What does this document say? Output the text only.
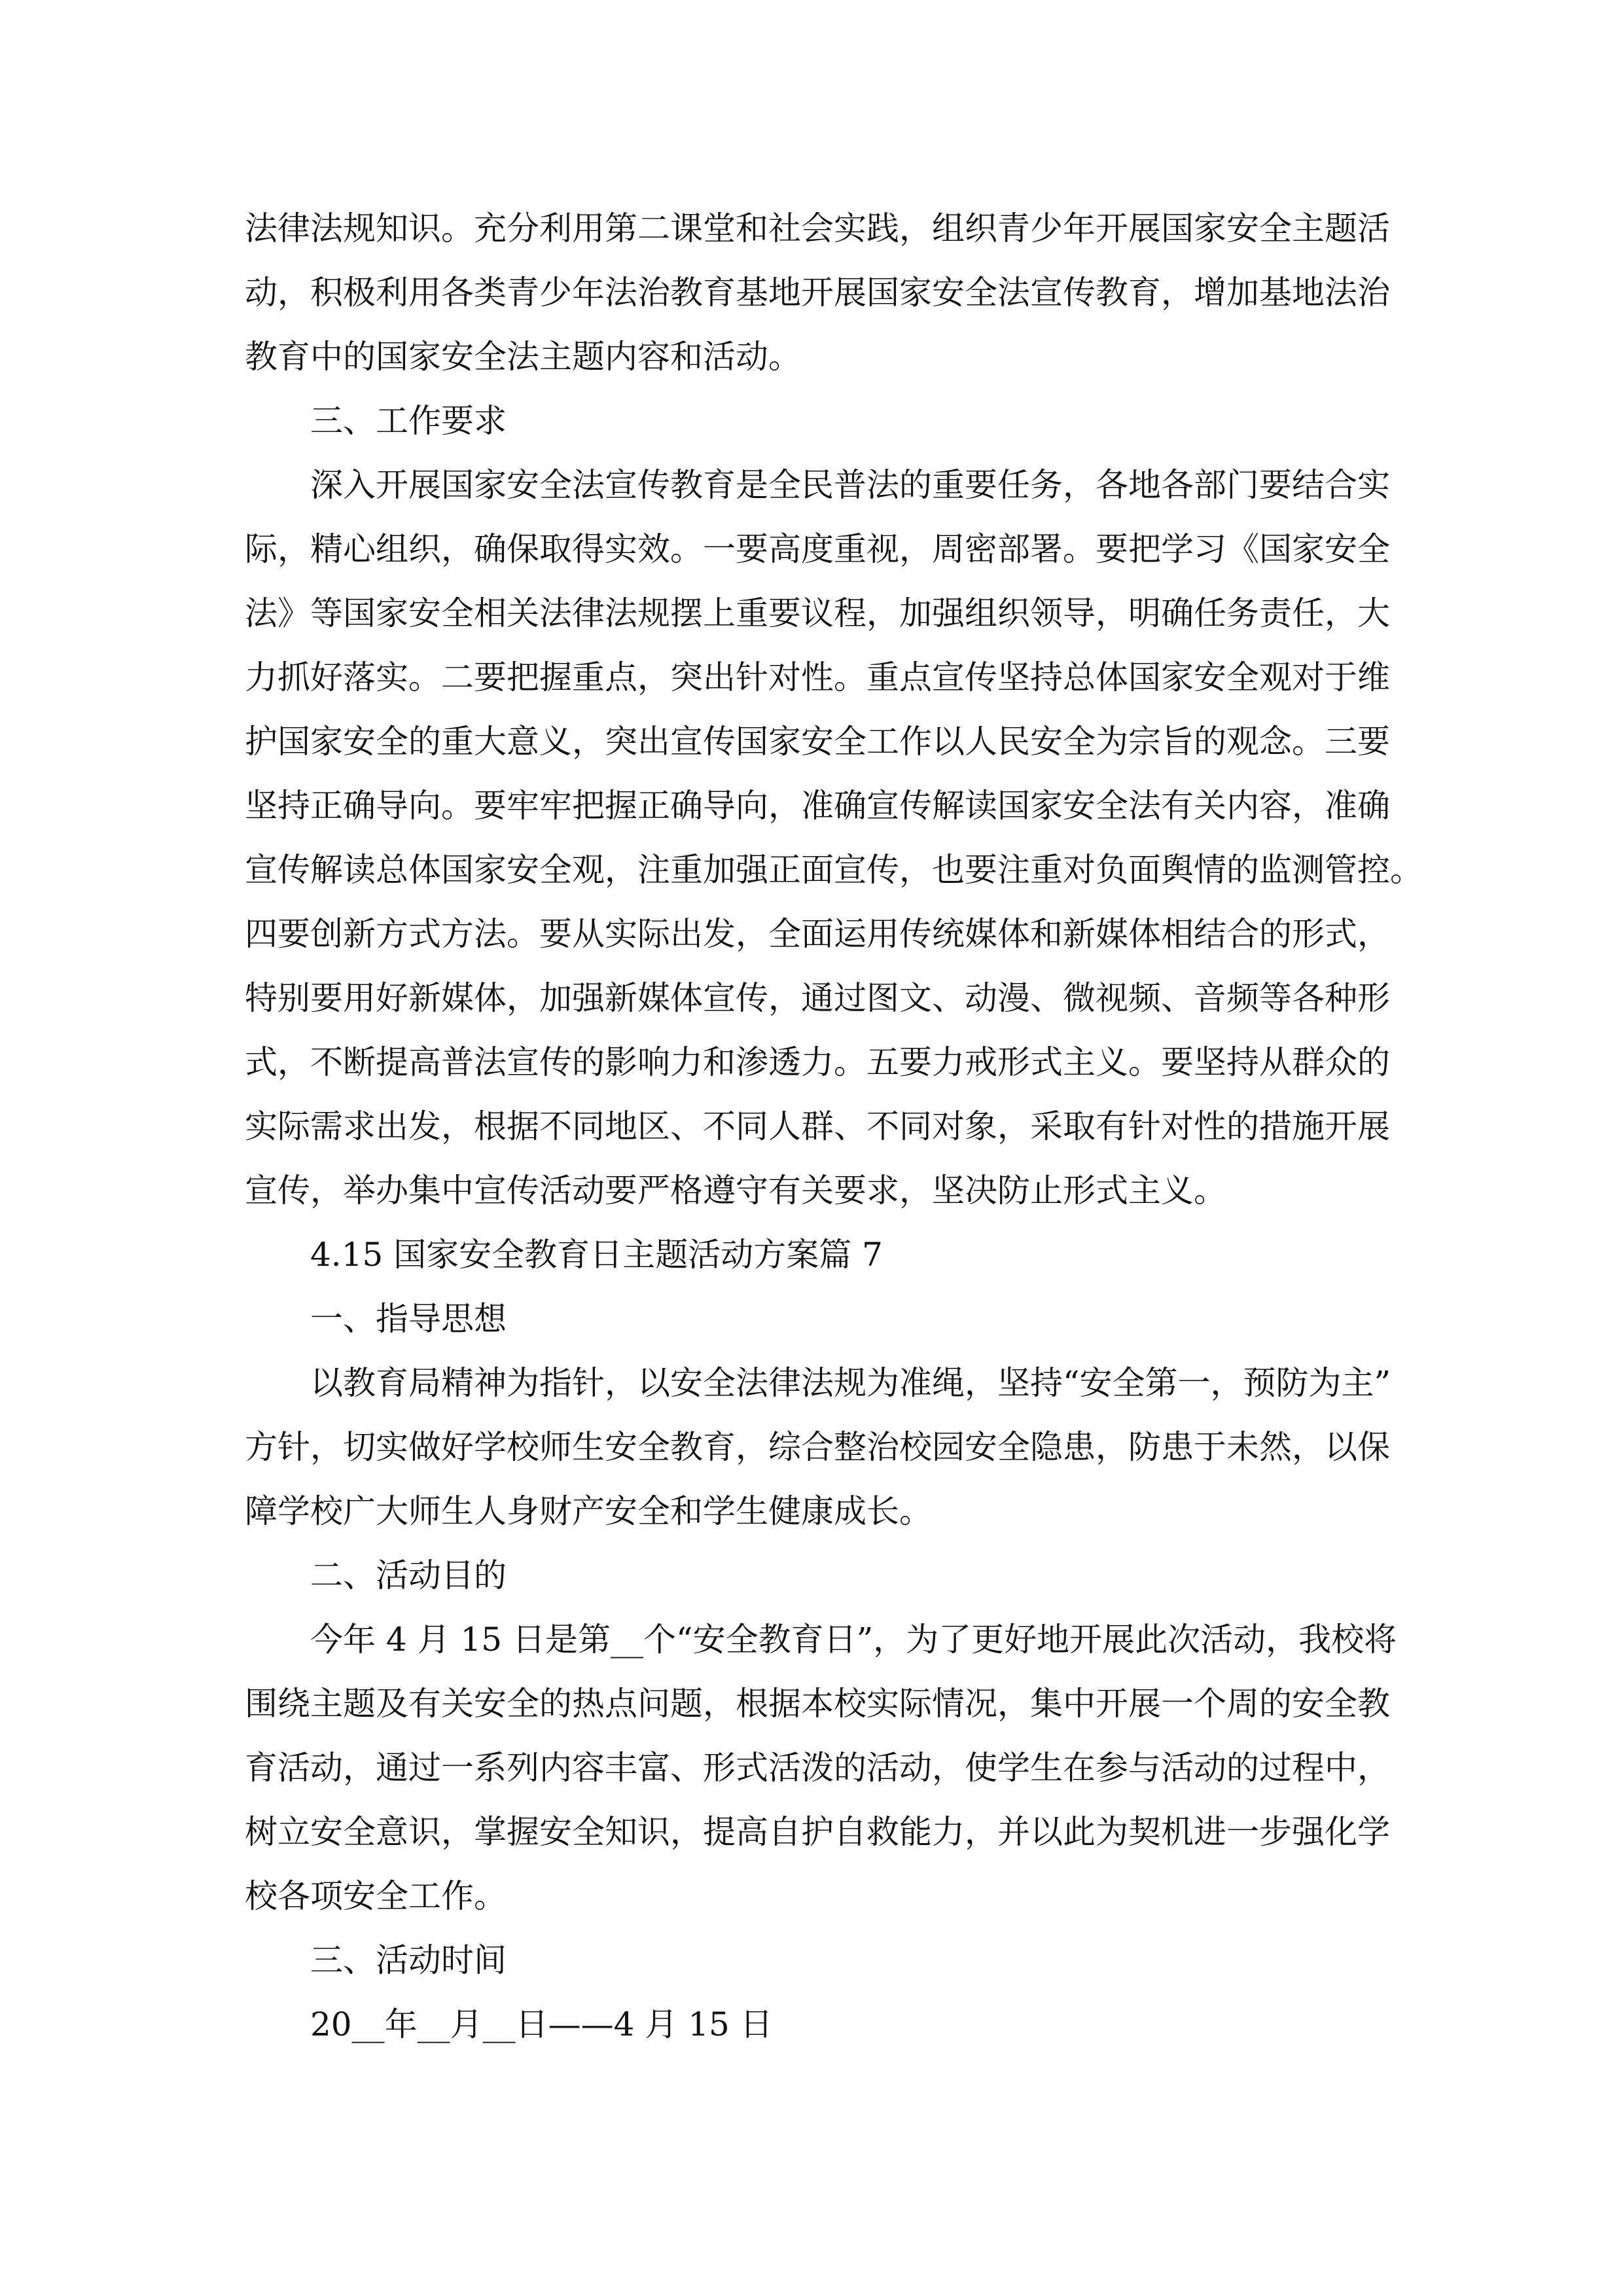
法律法规知识。充分利用第二课堂和社会实践，组织青少年开展国家安全主题活
动，积极利用各类青少年法治教育基地开展国家安全法宣传教育，增加基地法治
教育中的国家安全法主题内容和活动。
三、工作要求
深入开展国家安全法宣传教育是全民普法的重要任务，各地各部门要结合实
际，精心组织，确保取得实效。一要高度重视，周密部署。要把学习《国家安全
法》等国家安全相关法律法规摆上重要议程，加强组织领导，明确任务责任，大
力抓好落实。二要把握重点，突出针对性。重点宣传坚持总体国家安全观对于维
护国家安全的重大意义，突出宣传国家安全工作以人民安全为宗旨的观念。三要
坚持正确导向。要牢牢把握正确导向，准确宣传解读国家安全法有关内容，准确
宣传解读总体国家安全观，注重加强正面宣传，也要注重对负面舆情的监测管控。
四要创新方式方法。要从实际出发，全面运用传统媒体和新媒体相结合的形式，
特别要用好新媒体，加强新媒体宣传，通过图文、动漫、微视频、音频等各种形
式，不断提高普法宣传的影响力和渗透力。五要力戒形式主义。要坚持从群众的
实际需求出发，根据不同地区、不同人群、不同对象，采取有针对性的措施开展
宣传，举办集中宣传活动要严格遵守有关要求，坚决防止形式主义。
4.15 国家安全教育日主题活动方案篇 7
一、指导思想
以教育局精神为指针，以安全法律法规为准绳，坚持“安全第一，预防为主”
方针，切实做好学校师生安全教育，综合整治校园安全隐患，防患于未然，以保
障学校广大师生人身财产安全和学生健康成长。
二、活动目的
今年 4 月 15 日是第__个“安全教育日”，为了更好地开展此次活动，我校将
围绕主题及有关安全的热点问题，根据本校实际情况，集中开展一个周的安全教
育活动，通过一系列内容丰富、形式活泼的活动，使学生在参与活动的过程中，
树立安全意识，掌握安全知识，提高自护自救能力，并以此为契机进一步强化学
校各项安全工作。
三、活动时间
20__年__月__日——4 月 15 日
